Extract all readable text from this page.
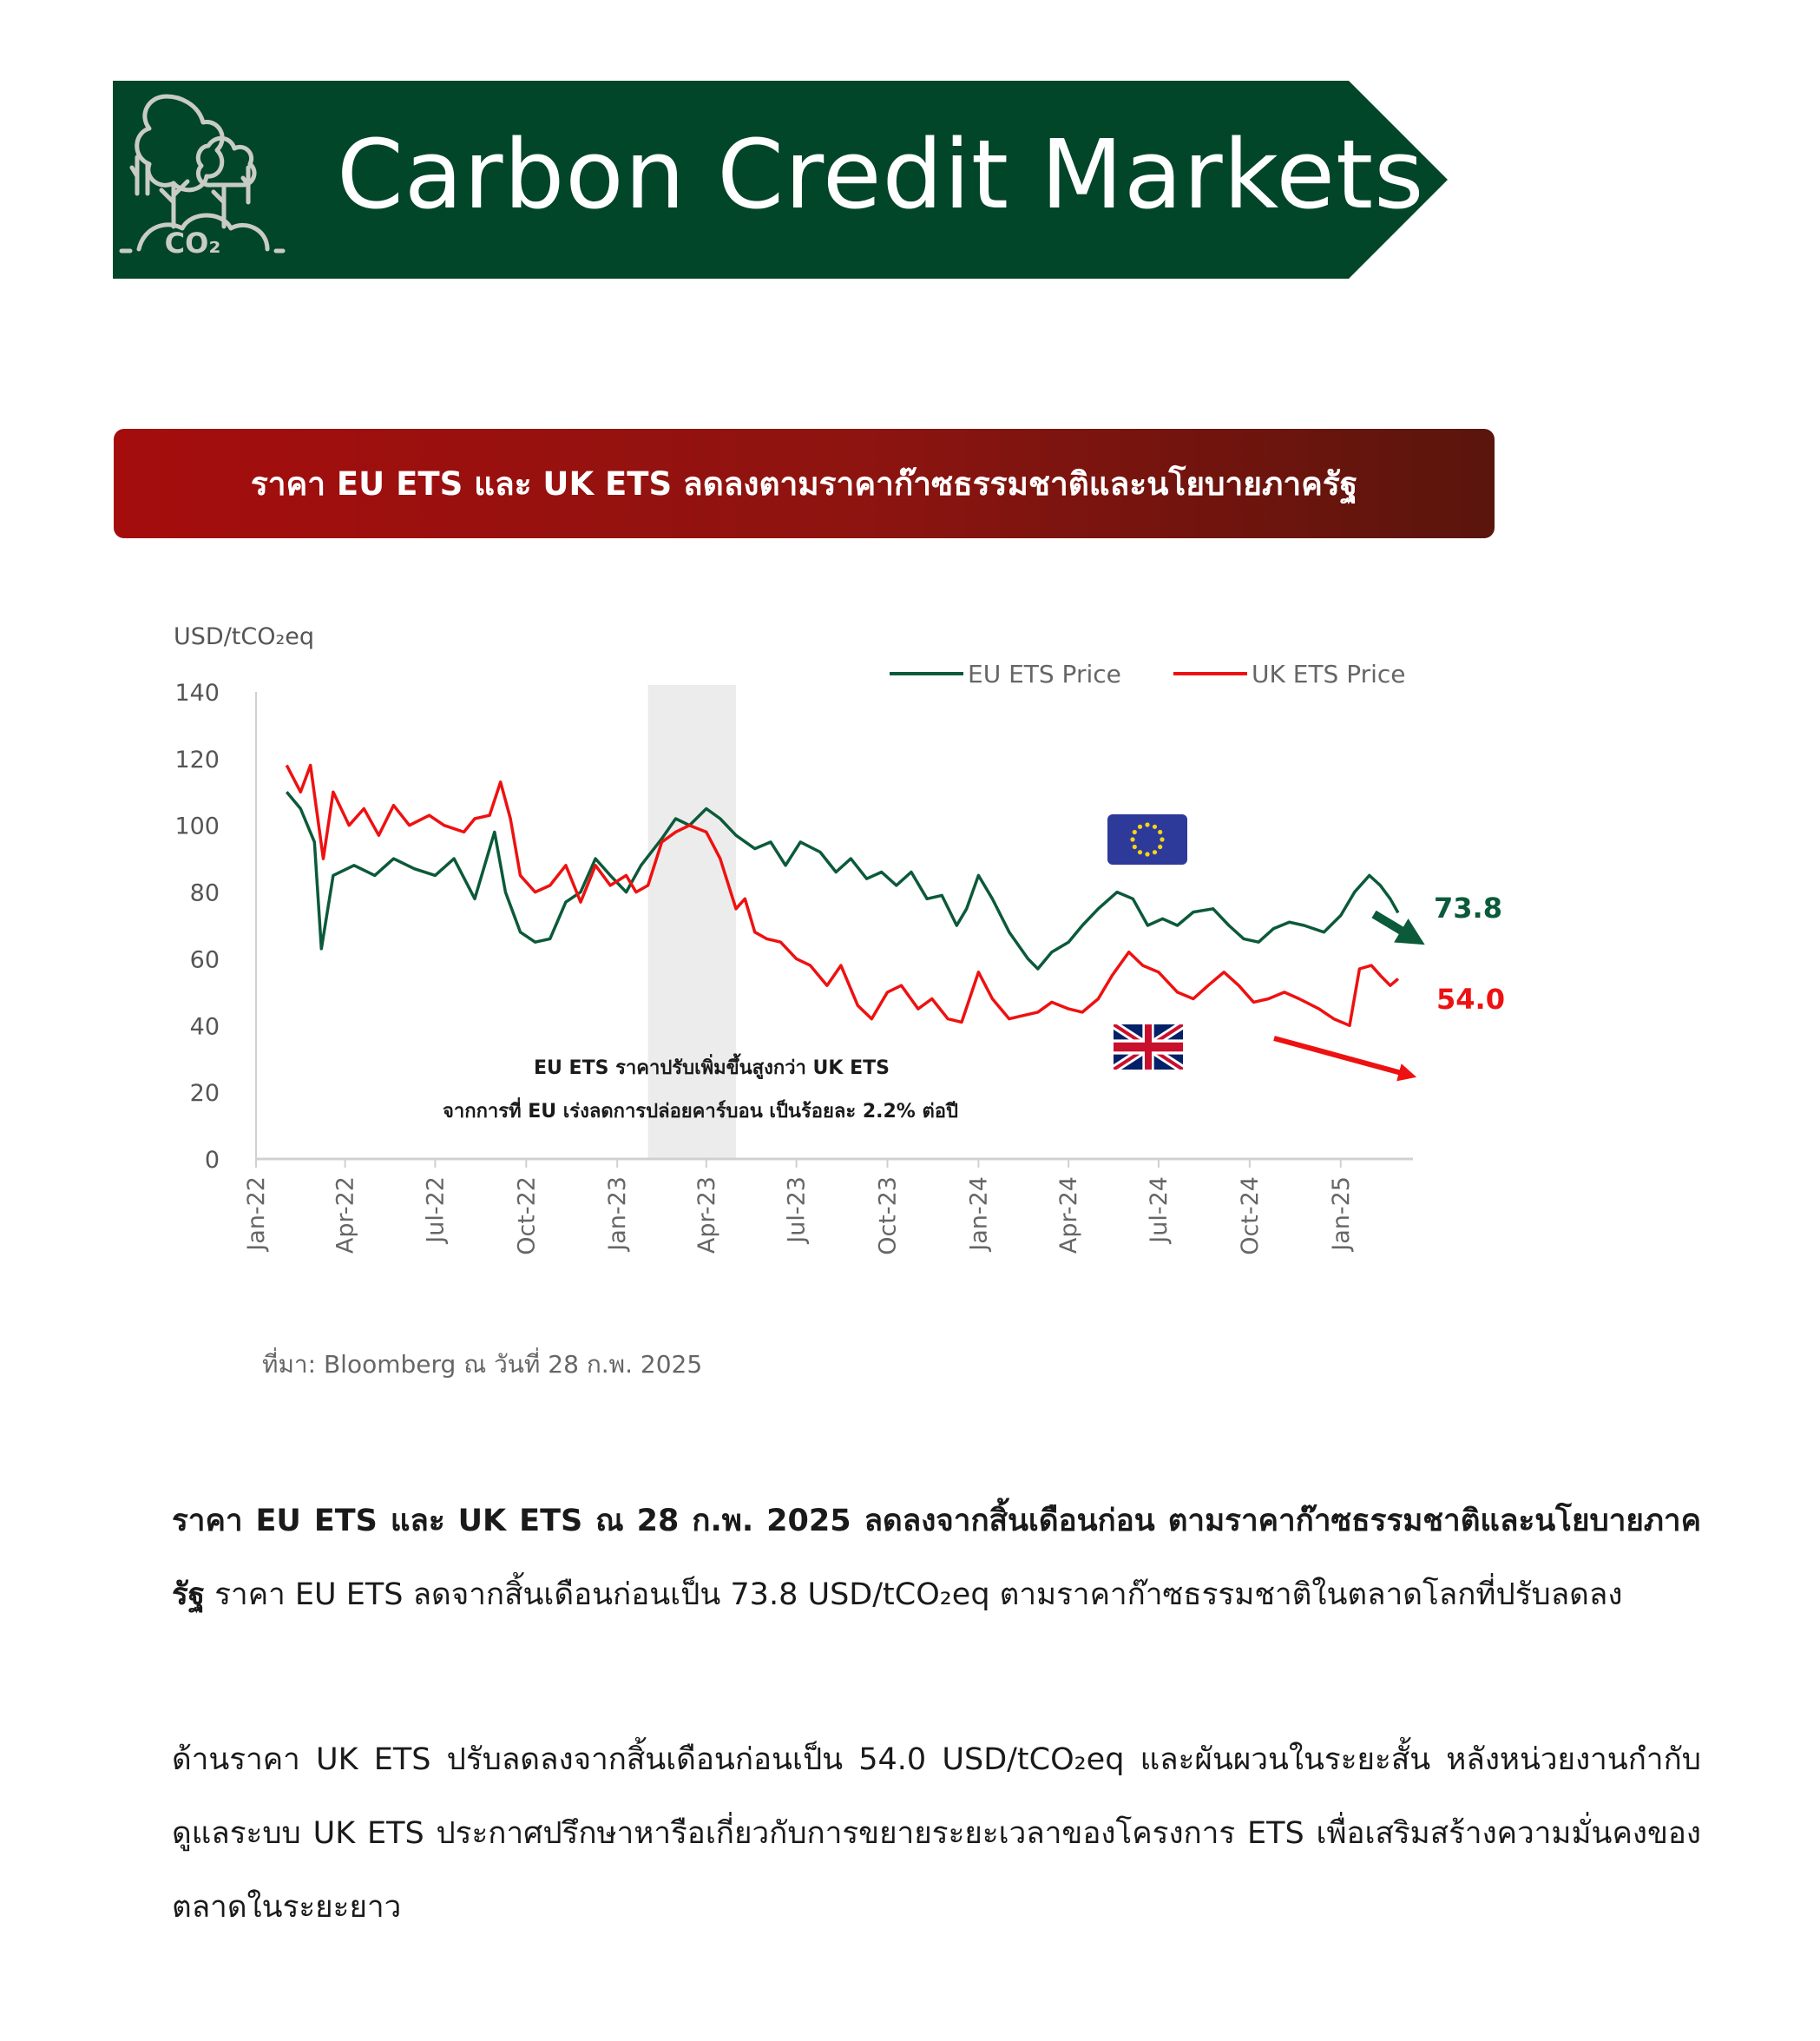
CO₂
Carbon Credit Markets
ราคา EU ETS และ UK ETS ลดลงตามราคาก๊าซธรรมชาติและนโยบายภาครัฐ
0
20
40
60
80
100
120
140
USD/tCO₂eq
Jan-22	Apr-22	Jul-22	Oct-22	Jan-23	Apr-23	Jul-23	Oct-23	Jan-24	Apr-24	Jul-24	Oct-24	Jan-25
EU ETS Price	UK ETS Price
73.8
54.0
EU ETS ราคาปรับเพิ่มขึ้นสูงกว่า UK ETS
จากการที่ EU เร่งลดการปล่อยคาร์บอน เป็นร้อยละ 2.2% ต่อปี
ที่มา: Bloomberg ณ วันที่ 28 ก.พ. 2025
ราคา EU ETS และ UK ETS ณ 28 ก.พ. 2025 ลดลงจากสิ้นเดือนก่อน ตามราคาก๊าซธรรมชาติและนโยบายภาครัฐ ราคา EU ETS ลดจากสิ้นเดือนก่อนเป็น 73.8 USD/tCO₂eq ตามราคาก๊าซธรรมชาติในตลาดโลกที่ปรับลดลง
ด้านราคา UK ETS ปรับลดลงจากสิ้นเดือนก่อนเป็น 54.0 USD/tCO₂eq และผันผวนในระยะสั้น หลังหน่วยงานกำกับดูแลระบบ UK ETS ประกาศปรึกษาหารือเกี่ยวกับการขยายระยะเวลาของโครงการ ETS เพื่อเสริมสร้างความมั่นคงของตลาดในระยะยาว
